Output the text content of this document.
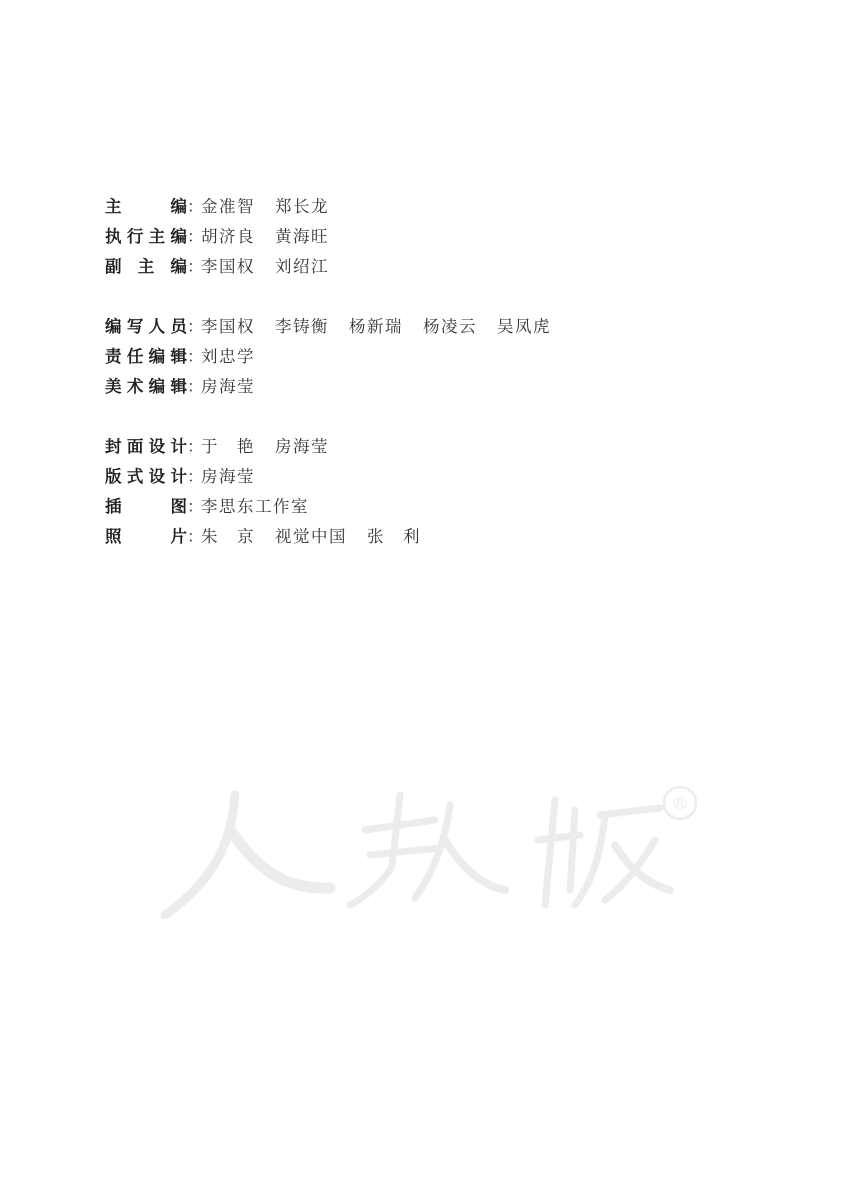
主 编 ：
金准智 郑长龙
执行主编 ：
胡济良 黄海旺
副 主 编 ：
李国权 刘绍江
编写人员 ：
李国权 李铸衡 杨新瑞 杨凌云 吴凤虎
责任编辑 ：
刘忠学
美术编辑 ：
房海莹
封面设计 ：
于　艳 房海莹
版式设计 ：
房海莹
插 图 ：
李思东工作室
照 片 ：
朱　京 视觉中国 张　利
®
